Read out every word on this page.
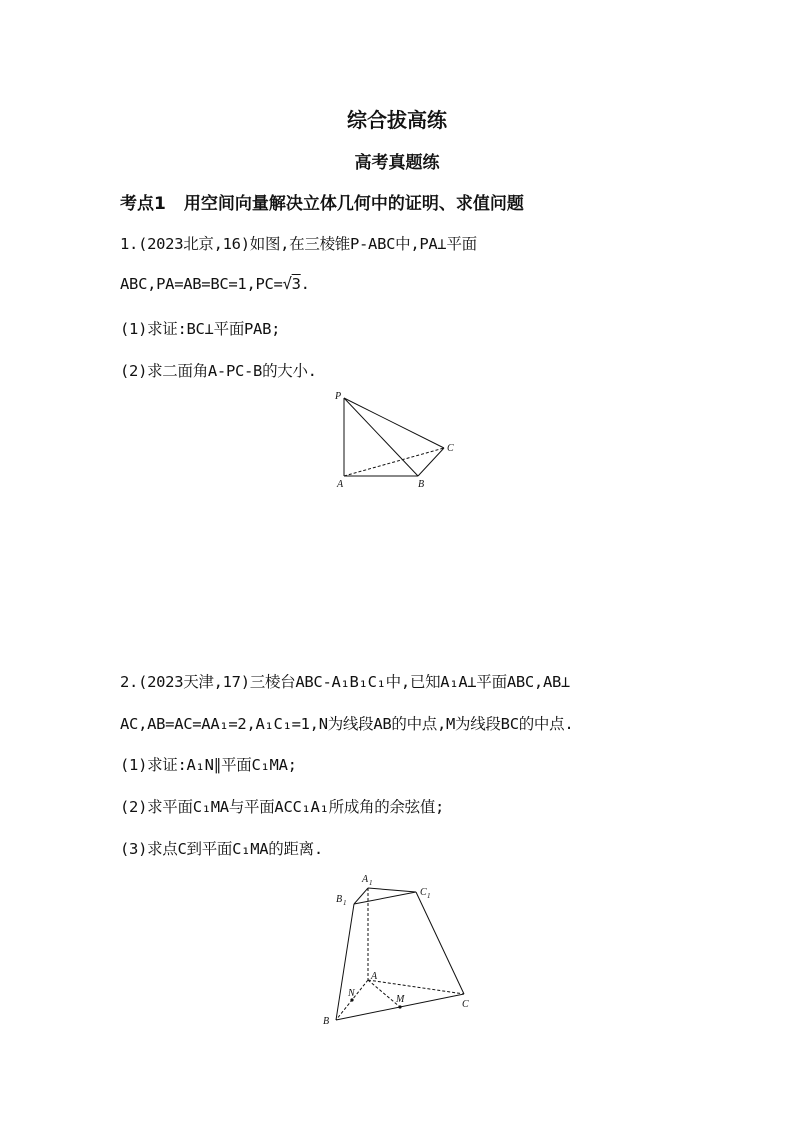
综合拔高练
高考真题练
考点1 用空间向量解决立体几何中的证明、求值问题
1.(2023北京,16)如图,在三棱锥P-ABC中,PA⊥平面
ABC,PA=AB=BC=1,PC=√3.
(1)求证:BC⊥平面PAB;
(2)求二面角A-PC-B的大小.
P
A	B
C
2.(2023天津,17)三棱台ABC-A₁B₁C₁中,已知A₁A⊥平面ABC,AB⊥
AC,AB=AC=AA₁=2,A₁C₁=1,N为线段AB的中点,M为线段BC的中点.
(1)求证:A₁N∥平面C₁MA;
(2)求平面C₁MA与平面ACC₁A₁所成角的余弦值;
(3)求点C到平面C₁MA的距离.
A 1
B 1
C 1
A
N
M
B
C
